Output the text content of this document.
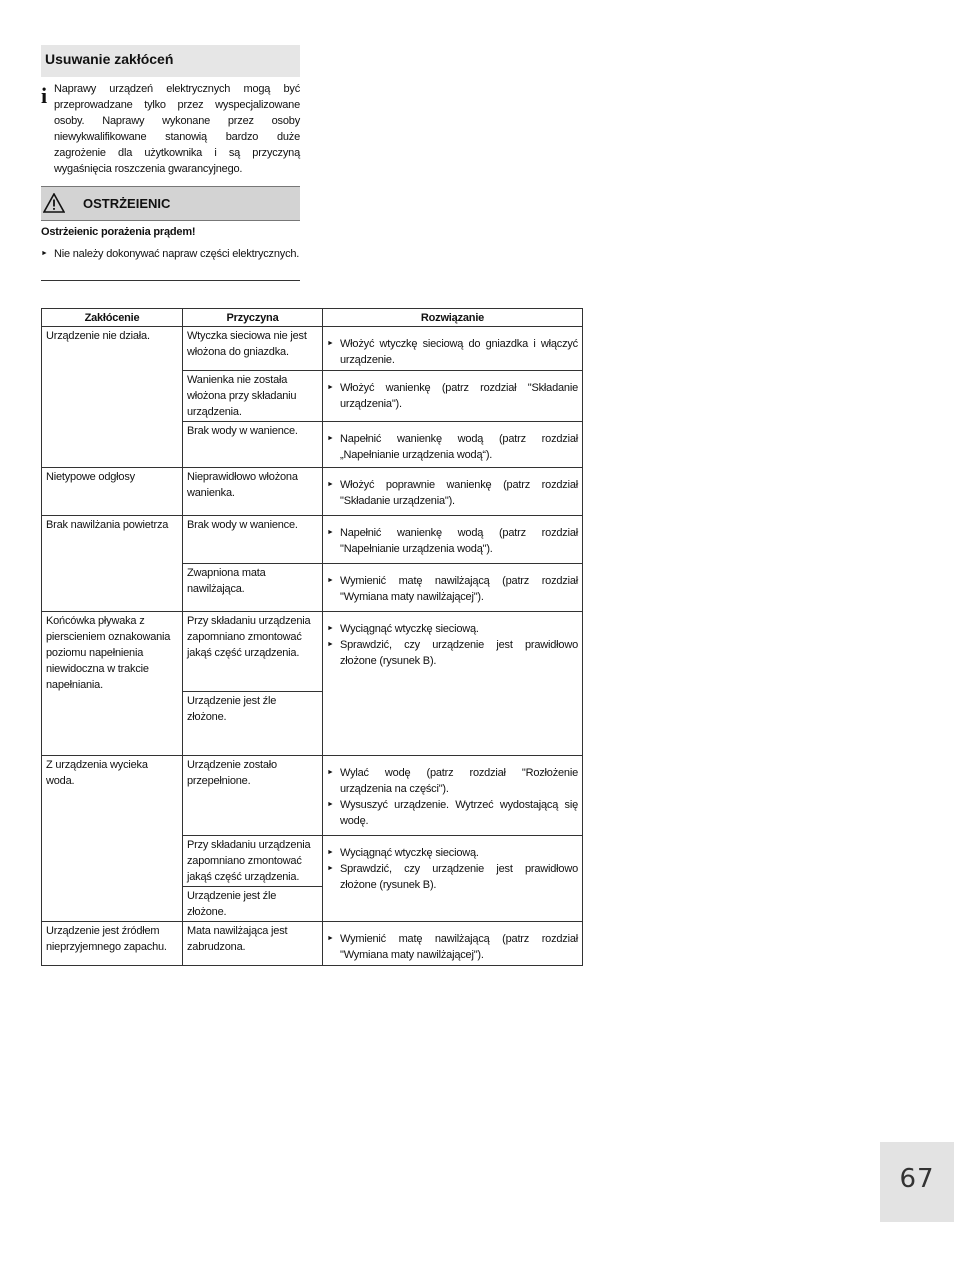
Usuwanie zakłóceń
i Naprawy urządzeń elektrycznych mogą być przeprowadzane tylko przez wyspecjalizowane osoby. Naprawy wykonane przez osoby niewykwalifikowane stanowią bardzo duże zagrożenie dla użytkownika i są przyczyną wygaśnięcia roszczenia gwarancyjnego.
OSTRŻEIENIC
Ostrżeienic porażenia prądem!
► Nie należy dokonywać napraw części elektrycznych.
Zakłócenie	Przyczyna	Rozwiązanie
Urządzenie nie działa.	Wtyczka sieciowa nie jest włożona do gniazdka.	► Włożyć wtyczkę sieciową do gniazdka i włączyć urządzenie.

	Wanienka nie została włożona przy składaniu urządzenia.	► Włożyć wanienkę (patrz rozdział "Składanie urządzenia").

	Brak wody w wanience.	► Napełnić wanienkę wodą (patrz rozdział „Napełnianie urządzenia wodą“).

Nietypowe odgłosy	Nieprawidłowo włożona wanienka.	► Włożyć poprawnie wanienkę (patrz rozdział "Składanie urządzenia").

Brak nawilżania powietrza	Brak wody w wanience.	► Napełnić wanienkę wodą (patrz rozdział "Napełnianie urządzenia wodą").

	Zwapniona mata nawilżająca.	► Wymienić matę nawilżającą (patrz rozdział "Wymiana maty nawilżającej").

Końcówka pływaka z pierscieniem oznakowania poziomu napełnienia niewidoczna w trakcie napełniania.	Przy składaniu urządzenia zapomniano zmontować jakąś część urządzenia.	► Wyciągnąć wtyczkę sieciową.
► Sprawdzić, czy urządzenie jest prawidłowo złożone (rysunek B).

	Urządzenie jest źle złożone.	
Z urządzenia wycieka woda.	Urządzenie zostało przepełnione.	► Wylać wodę (patrz rozdział "Rozłożenie urządzenia na części").
► Wysuszyć urządzenie. Wytrzeć wydostającą się wodę.

	Przy składaniu urządzenia zapomniano zmontować jakąś część urządzenia.	► Wyciągnąć wtyczkę sieciową.
► Sprawdzić, czy urządzenie jest prawidłowo złożone (rysunek B).

	Urządzenie jest źle złożone.	
Urządzenie jest źródłem nieprzyjemnego zapachu.	Mata nawilżająca jest zabrudzona.	► Wymienić matę nawilżającą (patrz rozdział "Wymiana maty nawilżającej").
67
